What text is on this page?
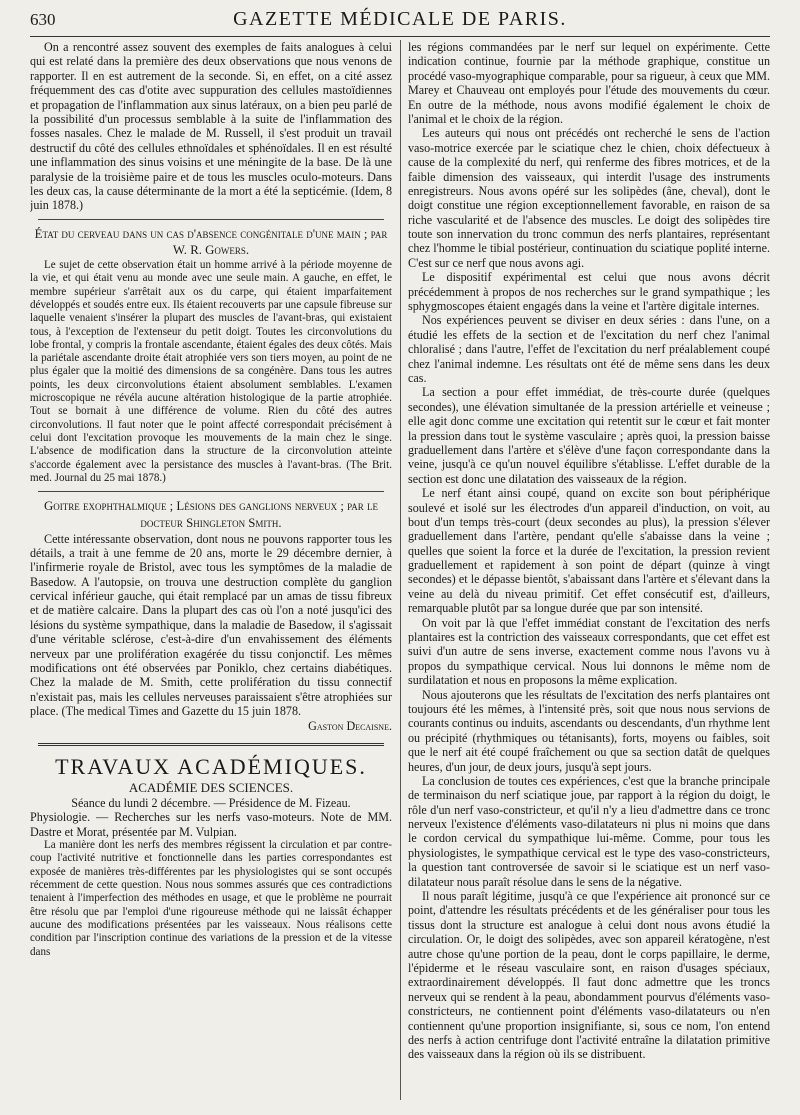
630	GAZETTE MÉDICALE DE PARIS.

On a rencontré assez souvent des exemples de faits analogues à celui qui est relaté dans la première des deux observations que nous venons de rapporter. Il en est autrement de la seconde. Si, en effet, on a cité assez fréquemment des cas d'otite avec suppuration des cellules mastoïdiennes et propagation de l'inflammation aux sinus latéraux, on a bien peu parlé de la possibilité d'un processus semblable à la suite de l'inflammation des fosses nasales. Chez le malade de M. Russell, il s'est produit un travail destructif du côté des cellules ethnoïdales et sphénoïdales. Il en est résulté une inflammation des sinus voisins et une méningite de la base. De là une paralysie de la troisième paire et de tous les muscles oculo-moteurs. Dans les deux cas, la cause déterminante de la mort a été la septicémie. (Idem, 8 juin 1878.)

État du cerveau dans un cas d'absence congénitale d'une main ; par W. R. Gowers.

Le sujet de cette observation était un homme arrivé à la période moyenne de la vie, et qui était venu au monde avec une seule main. A gauche, en effet, le membre supérieur s'arrêtait aux os du carpe, qui étaient imparfaitement développés et soudés entre eux. Ils étaient recouverts par une capsule fibreuse sur laquelle venaient s'insérer la plupart des muscles de l'avant-bras, qui existaient tous, à l'exception de l'extenseur du petit doigt. Toutes les circonvolutions du lobe frontal, y compris la frontale ascendante, étaient égales des deux côtés. Mais la pariétale ascendante droite était atrophiée vers son tiers moyen, au point de ne plus égaler que la moitié des dimensions de sa congénère. Dans tous les autres points, les deux circonvolutions étaient absolument semblables. L'examen microscopique ne révéla aucune altération histologique de la partie atrophiée. Tout se bornait à une différence de volume. Rien du côté des autres circonvolutions. Il faut noter que le point affecté correspondait précisément à celui dont l'excitation provoque les mouvements de la main chez le singe. L'absence de modification dans la structure de la circonvolution atteinte s'accorde également avec la persistance des muscles à l'avant-bras. (The Brit. med. Journal du 25 mai 1878.)

Goitre exophthalmique ; Lésions des ganglions nerveux ; par le docteur Shingleton Smith.

Cette intéressante observation, dont nous ne pouvons rapporter tous les détails, a trait à une femme de 20 ans, morte le 29 décembre dernier, à l'infirmerie royale de Bristol, avec tous les symptômes de la maladie de Basedow. A l'autopsie, on trouva une destruction complète du ganglion cervical inférieur gauche, qui était remplacé par un amas de tissu fibreux et de matière calcaire. Dans la plupart des cas où l'on a noté jusqu'ici des lésions du système sympathique, dans la maladie de Basedow, il s'agissait d'une véritable sclérose, c'est-à-dire d'un envahissement des éléments nerveux par une prolifération exagérée du tissu conjonctif. Les mêmes modifications ont été observées par Poniklo, chez certains diabétiques. Chez la malade de M. Smith, cette prolifération du tissu connectif n'existait pas, mais les cellules nerveuses paraissaient s'être atrophiées sur place. (The medical Times and Gazette du 15 juin 1878.

Gaston Decaisne.

TRAVAUX ACADÉMIQUES.

ACADÉMIE DES SCIENCES.

Séance du lundi 2 décembre. — Présidence de M. Fizeau.

Physiologie. — Recherches sur les nerfs vaso-moteurs. Note de MM. Dastre et Morat, présentée par M. Vulpian.

La manière dont les nerfs des membres régissent la circulation et par contre-coup l'activité nutritive et fonctionnelle dans les parties correspondantes est exposée de manières très-différentes par les physiologistes qui se sont occupés récemment de cette question. Nous nous sommes assurés que ces contradictions tenaient à l'imperfection des méthodes en usage, et que le problème ne pourrait être résolu que par l'emploi d'une rigoureuse méthode qui ne laissât échapper aucune des modifications présentées par les vaisseaux. Nous réalisons cette condition par l'inscription continue des variations de la pression et de la vitesse dans

les régions commandées par le nerf sur lequel on expérimente. Cette indication continue, fournie par la méthode graphique, constitue un procédé vaso-myographique comparable, pour sa rigueur, à ceux que MM. Marey et Chauveau ont employés pour l'étude des mouvements du cœur. En outre de la méthode, nous avons modifié également le choix de l'animal et le choix de la région.

Les auteurs qui nous ont précédés ont recherché le sens de l'action vaso-motrice exercée par le sciatique chez le chien, choix défectueux à cause de la complexité du nerf, qui renferme des fibres motrices, et de la faible dimension des vaisseaux, qui interdit l'usage des instruments enregistreurs. Nous avons opéré sur les solipèdes (âne, cheval), dont le doigt constitue une région exceptionnellement favorable, en raison de sa riche vascularité et de l'absence des muscles. Le doigt des solipèdes tire toute son innervation du tronc commun des nerfs plantaires, représentant chez l'homme le tibial postérieur, continuation du sciatique poplité interne. C'est sur ce nerf que nous avons agi.

Le dispositif expérimental est celui que nous avons décrit précédemment à propos de nos recherches sur le grand sympathique ; les sphygmoscopes étaient engagés dans la veine et l'artère digitale internes.

Nos expériences peuvent se diviser en deux séries : dans l'une, on a étudié les effets de la section et de l'excitation du nerf chez l'animal chloralisé ; dans l'autre, l'effet de l'excitation du nerf préalablement coupé chez l'animal indemne. Les résultats ont été de même sens dans les deux cas.

La section a pour effet immédiat, de très-courte durée (quelques secondes), une élévation simultanée de la pression artérielle et veineuse ; elle agit donc comme une excitation qui retentit sur le cœur et fait monter la pression dans tout le système vasculaire ; après quoi, la pression baisse graduellement dans l'artère et s'élève d'une façon correspondante dans la veine, jusqu'à ce qu'un nouvel équilibre s'établisse. L'effet durable de la section est donc une dilatation des vaisseaux de la région.

Le nerf étant ainsi coupé, quand on excite son bout périphérique soulevé et isolé sur les électrodes d'un appareil d'induction, on voit, au bout d'un temps très-court (deux secondes au plus), la pression s'élever graduellement dans l'artère, pendant qu'elle s'abaisse dans la veine ; quelles que soient la force et la durée de l'excitation, la pression revient graduellement et rapidement à son point de départ (quinze à vingt secondes) et le dépasse bientôt, s'abaissant dans l'artère et s'élevant dans la veine au delà du niveau primitif. Cet effet consécutif est, d'ailleurs, remarquable plutôt par sa longue durée que par son intensité.

On voit par là que l'effet immédiat constant de l'excitation des nerfs plantaires est la contriction des vaisseaux correspondants, que cet effet est suivi d'un autre de sens inverse, exactement comme nous l'avons vu à propos du sympathique cervical. Nous lui donnons le même nom de surdilatation et nous en proposons la même explication.

Nous ajouterons que les résultats de l'excitation des nerfs plantaires ont toujours été les mêmes, à l'intensité près, soit que nous nous servions de courants continus ou induits, ascendants ou descendants, d'un rhythme lent ou précipité (rhythmiques ou tétanisants), forts, moyens ou faibles, soit que le nerf ait été coupé fraîchement ou que sa section datât de quelques heures, d'un jour, de deux jours, jusqu'à sept jours.

La conclusion de toutes ces expériences, c'est que la branche principale de terminaison du nerf sciatique joue, par rapport à la région du doigt, le rôle d'un nerf vaso-constricteur, et qu'il n'y a lieu d'admettre dans ce tronc nerveux l'existence d'éléments vaso-dilatateurs ni plus ni moins que dans le cordon cervical du sympathique lui-même. Comme, pour tous les physiologistes, le sympathique cervical est le type des vaso-constricteurs, la question tant controversée de savoir si le sciatique est un nerf vaso-dilatateur nous paraît résolue dans le sens de la négative.

Il nous paraît légitime, jusqu'à ce que l'expérience ait prononcé sur ce point, d'attendre les résultats précédents et de les généraliser pour tous les tissus dont la structure est analogue à celui dont nous avons étudié la circulation. Or, le doigt des solipèdes, avec son appareil kératogène, n'est autre chose qu'une portion de la peau, dont le corps papillaire, le derme, l'épiderme et le réseau vasculaire sont, en raison d'usages spéciaux, extraordinairement développés. Il faut donc admettre que les troncs nerveux qui se rendent à la peau, abondamment pourvus d'éléments vaso-constricteurs, ne contiennent point d'éléments vaso-dilatateurs ou n'en contiennent qu'une proportion insignifiante, si, sous ce nom, l'on entend des nerfs à action centrifuge dont l'activité entraîne la dilatation primitive des vaisseaux dans la région où ils se distribuent.
